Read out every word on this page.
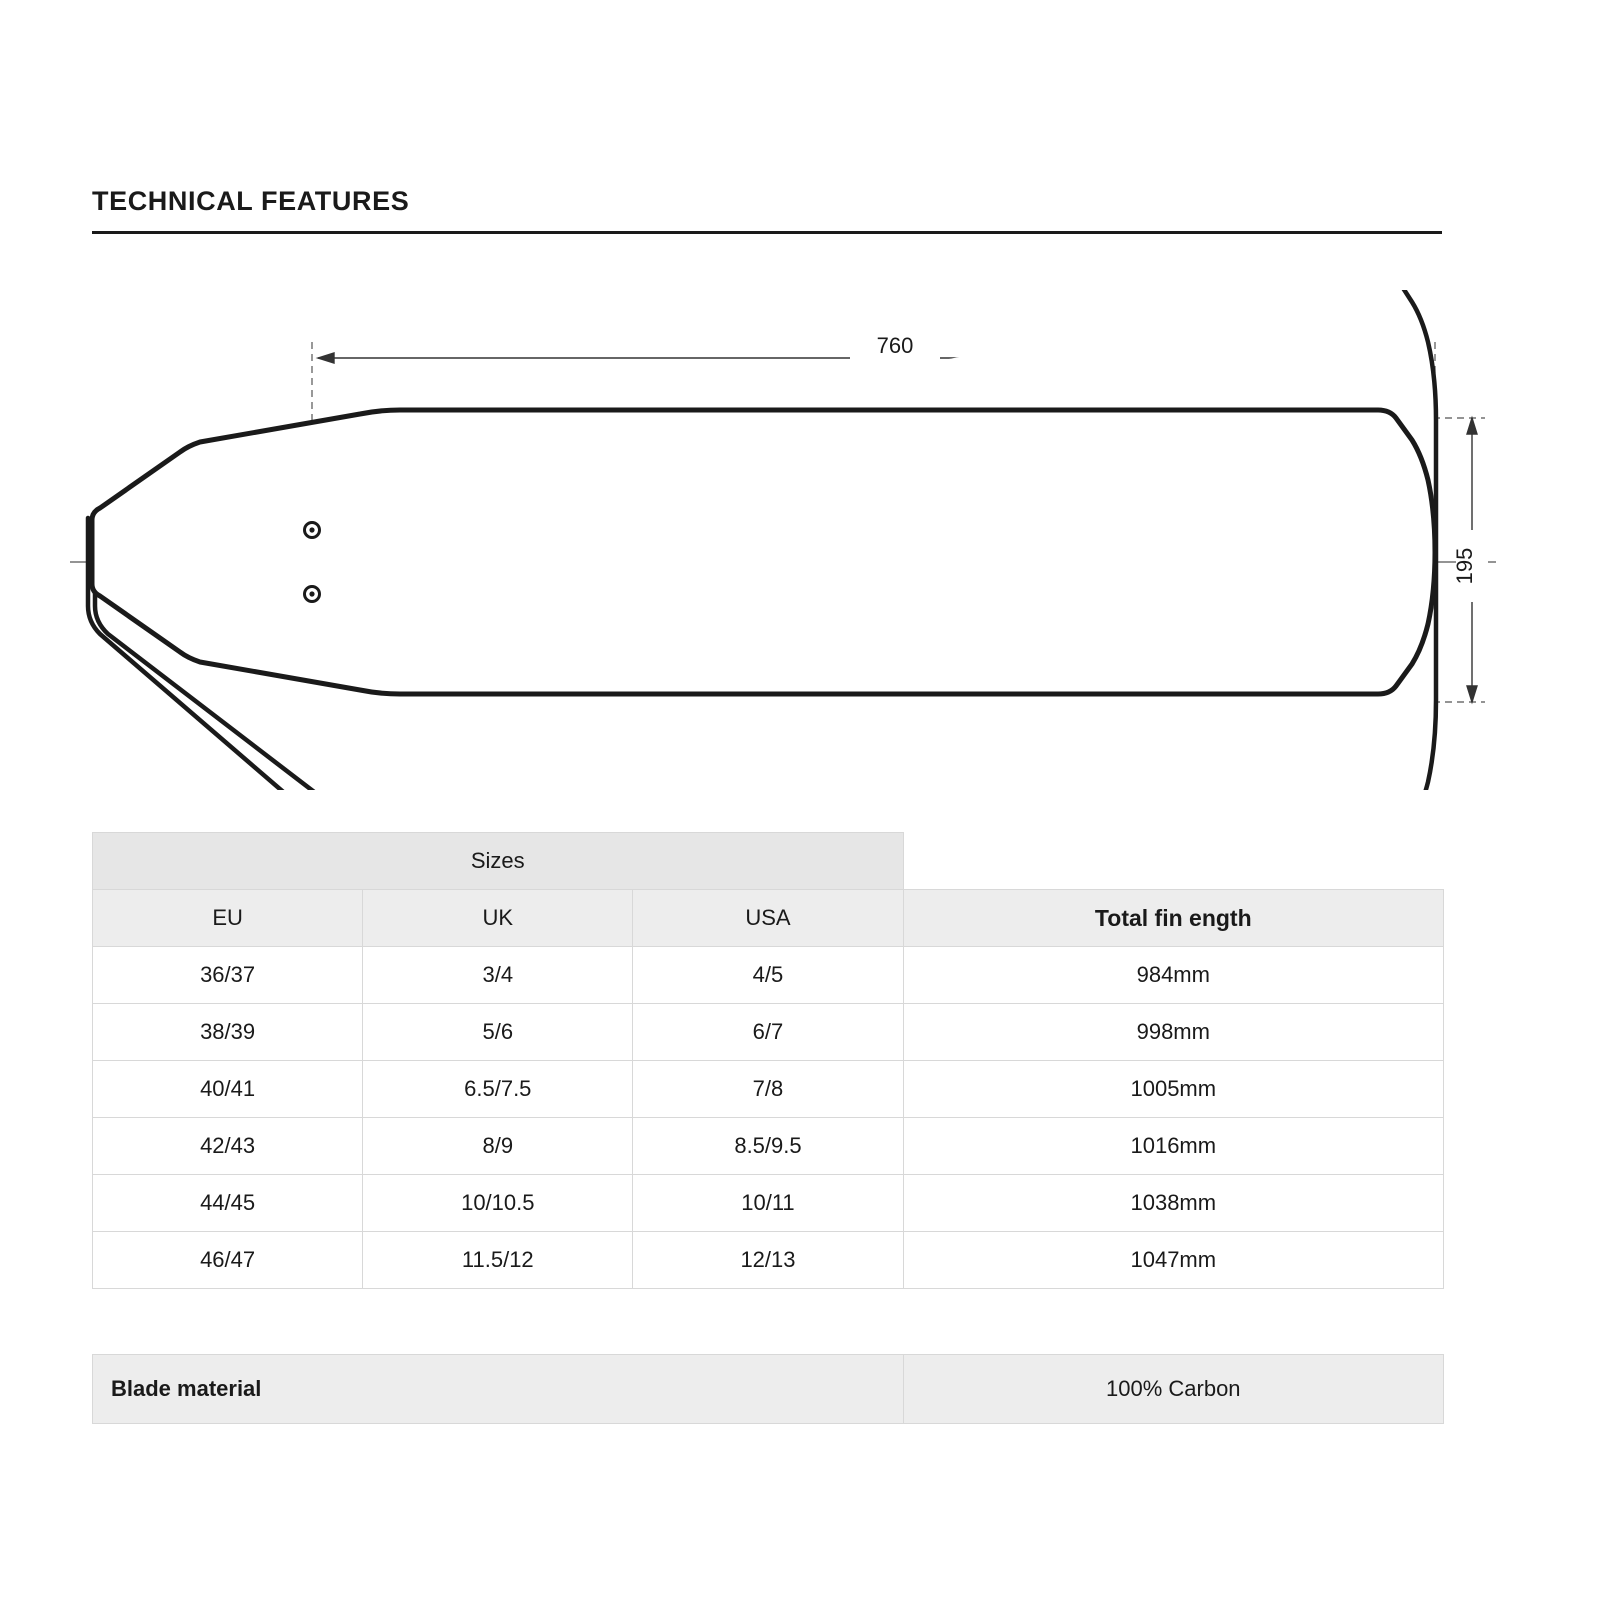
TECHNICAL FEATURES
760
195
Sizes			
EU	UK	USA	Total fin ength
36/37	3/4	4/5	984mm
38/39	5/6	6/7	998mm
40/41	6.5/7.5	7/8	1005mm
42/43	8/9	8.5/9.5	1016mm
44/45	10/10.5	10/11	1038mm
46/47	11.5/12	12/13	1047mm
Blade material	100% Carbon
